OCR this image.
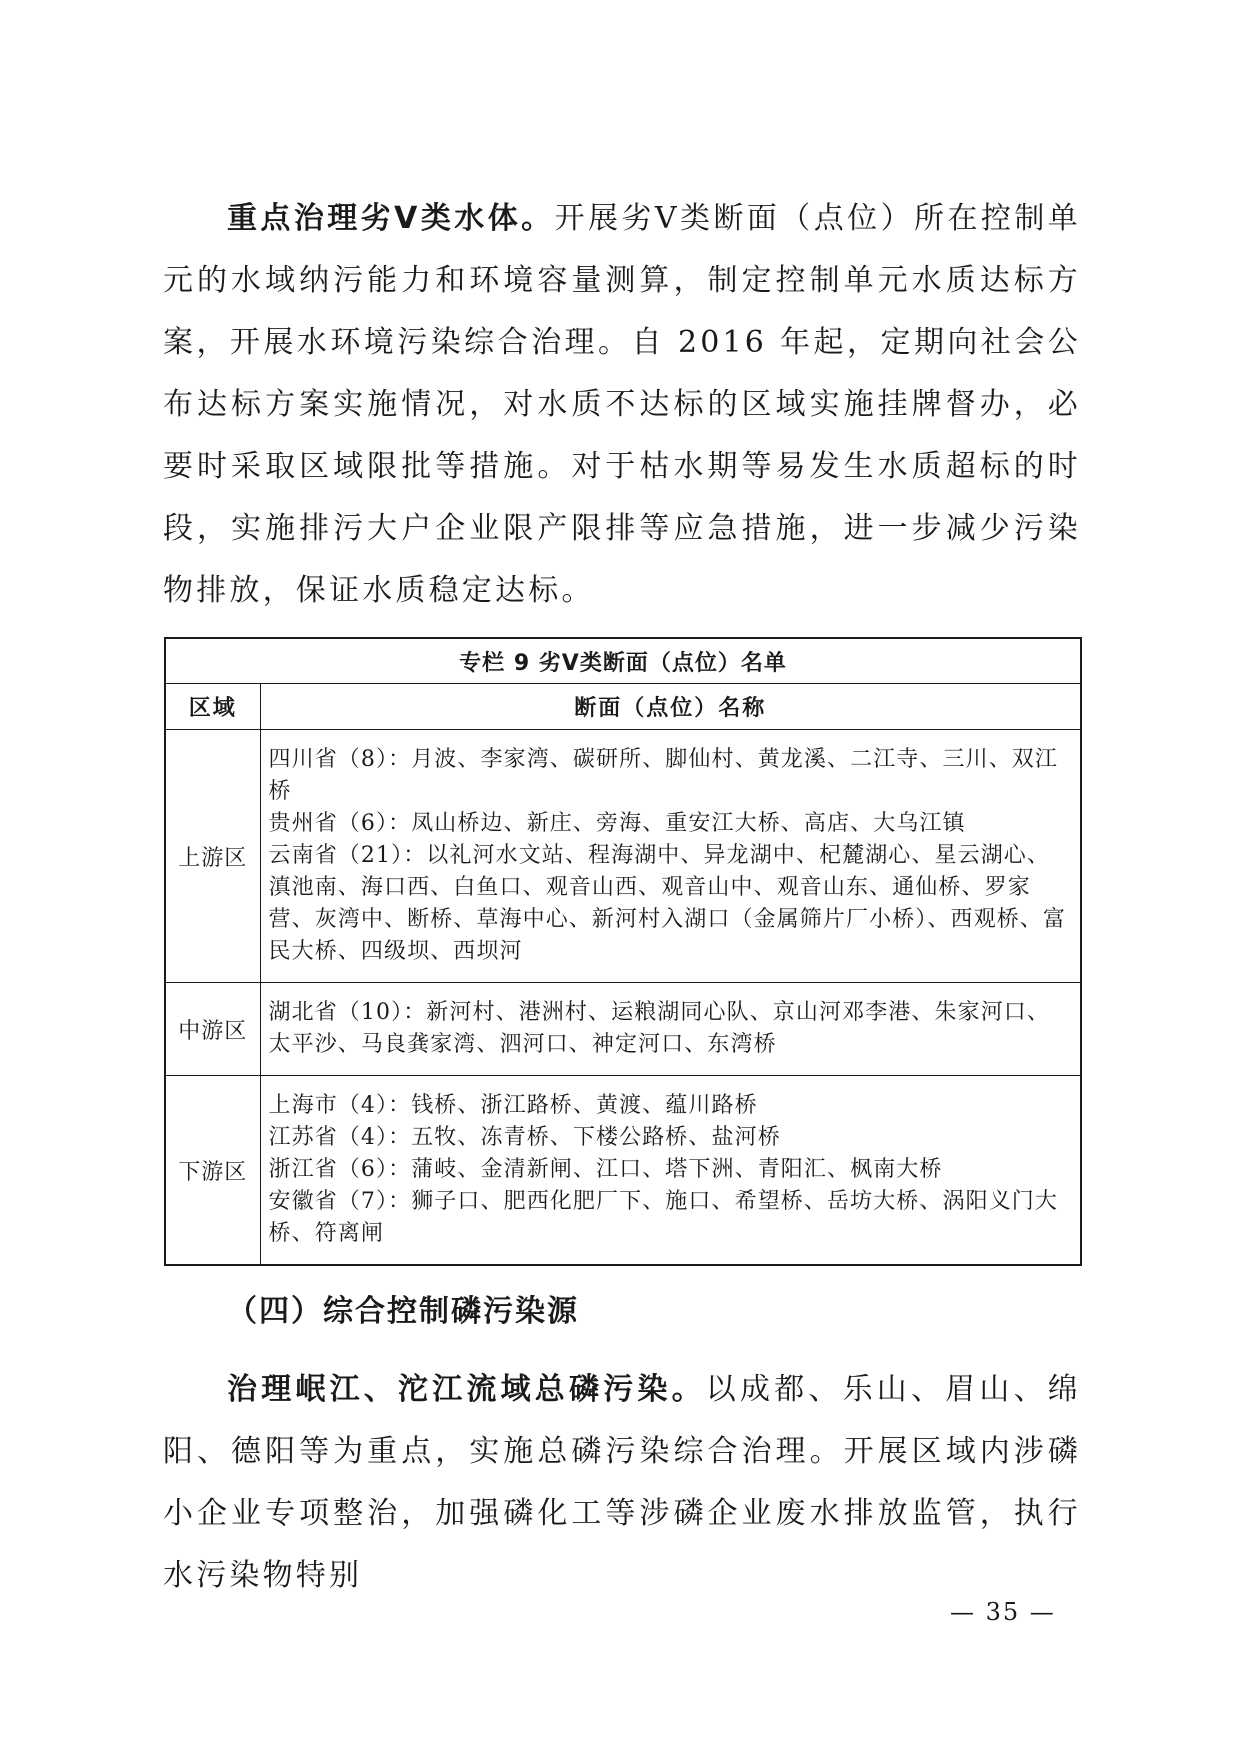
重点治理劣Ⅴ类水体。开展劣Ⅴ类断面（点位）所在控制单元的水域纳污能力和环境容量测算，制定控制单元水质达标方案，开展水环境污染综合治理。自 2016 年起，定期向社会公布达标方案实施情况，对水质不达标的区域实施挂牌督办，必要时采取区域限批等措施。对于枯水期等易发生水质超标的时段，实施排污大户企业限产限排等应急措施，进一步减少污染物排放，保证水质稳定达标。

专栏 9 劣Ⅴ类断面（点位）名单	
区域	断面（点位）名称
上游区	四川省（8）：月波、李家湾、碳研所、脚仙村、黄龙溪、二江寺、三川、双江桥
贵州省（6）：凤山桥边、新庄、旁海、重安江大桥、高店、大乌江镇
云南省（21）：以礼河水文站、程海湖中、异龙湖中、杞麓湖心、星云湖心、滇池南、海口西、白鱼口、观音山西、观音山中、观音山东、通仙桥、罗家营、灰湾中、断桥、草海中心、新河村入湖口（金属筛片厂小桥）、西观桥、富民大桥、四级坝、西坝河

中游区	湖北省（10）：新河村、港洲村、运粮湖同心队、京山河邓李港、朱家河口、太平沙、马良龚家湾、泗河口、神定河口、东湾桥

下游区	上海市（4）：钱桥、浙江路桥、黄渡、蕴川路桥
江苏省（4）：五牧、冻青桥、下楼公路桥、盐河桥
浙江省（6）：蒲岐、金清新闸、江口、塔下洲、青阳汇、枫南大桥
安徽省（7）：狮子口、肥西化肥厂下、施口、希望桥、岳坊大桥、涡阳义门大桥、符离闸
（四）综合控制磷污染源

治理岷江、沱江流域总磷污染。以成都、乐山、眉山、绵阳、德阳等为重点，实施总磷污染综合治理。开展区域内涉磷小企业专项整治，加强磷化工等涉磷企业废水排放监管，执行水污染物特别

— 35 —
